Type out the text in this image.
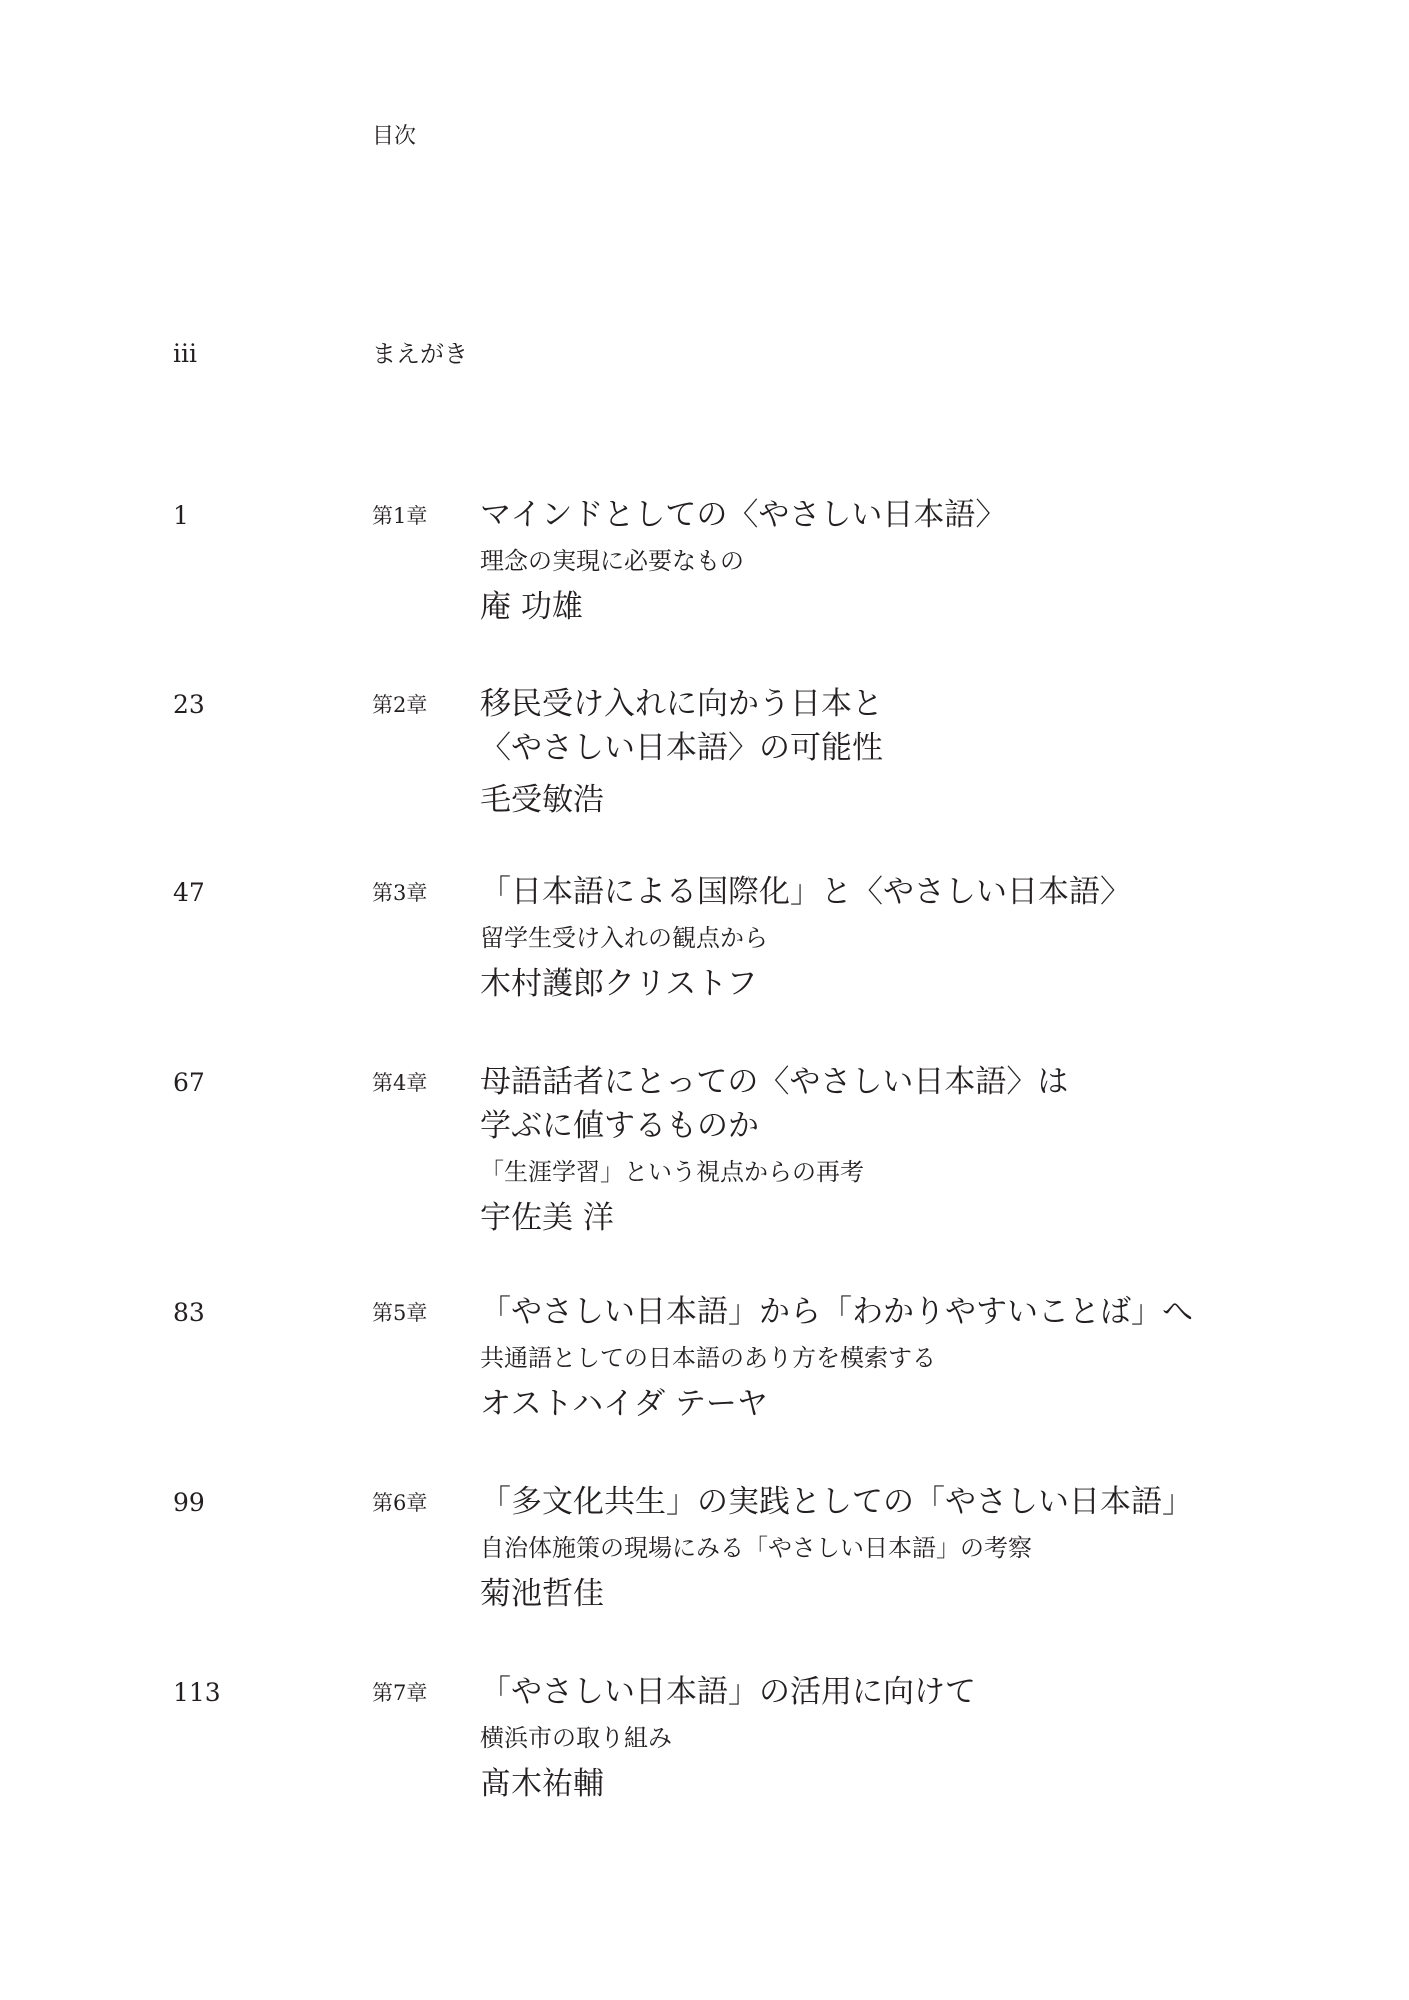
目次
iii	まえがき
1	第1章 マインドとしての〈やさしい日本語〉
理念の実現に必要なもの
庵 功雄
23	第2章 移民受け入れに向かう日本と
〈やさしい日本語〉の可能性
毛受敏浩
47	第3章 「日本語による国際化」と〈やさしい日本語〉
留学生受け入れの観点から
木村護郎クリストフ
67	第4章 母語話者にとっての〈やさしい日本語〉は
学ぶに値するものか
「生涯学習」という視点からの再考
宇佐美 洋
83	第5章 「やさしい日本語」から「わかりやすいことば」へ
共通語としての日本語のあり方を模索する
オストハイダ テーヤ
99	第6章 「多文化共生」の実践としての「やさしい日本語」
自治体施策の現場にみる「やさしい日本語」の考察
菊池哲佳
113	第7章 「やさしい日本語」の活用に向けて
横浜市の取り組み
髙木祐輔
